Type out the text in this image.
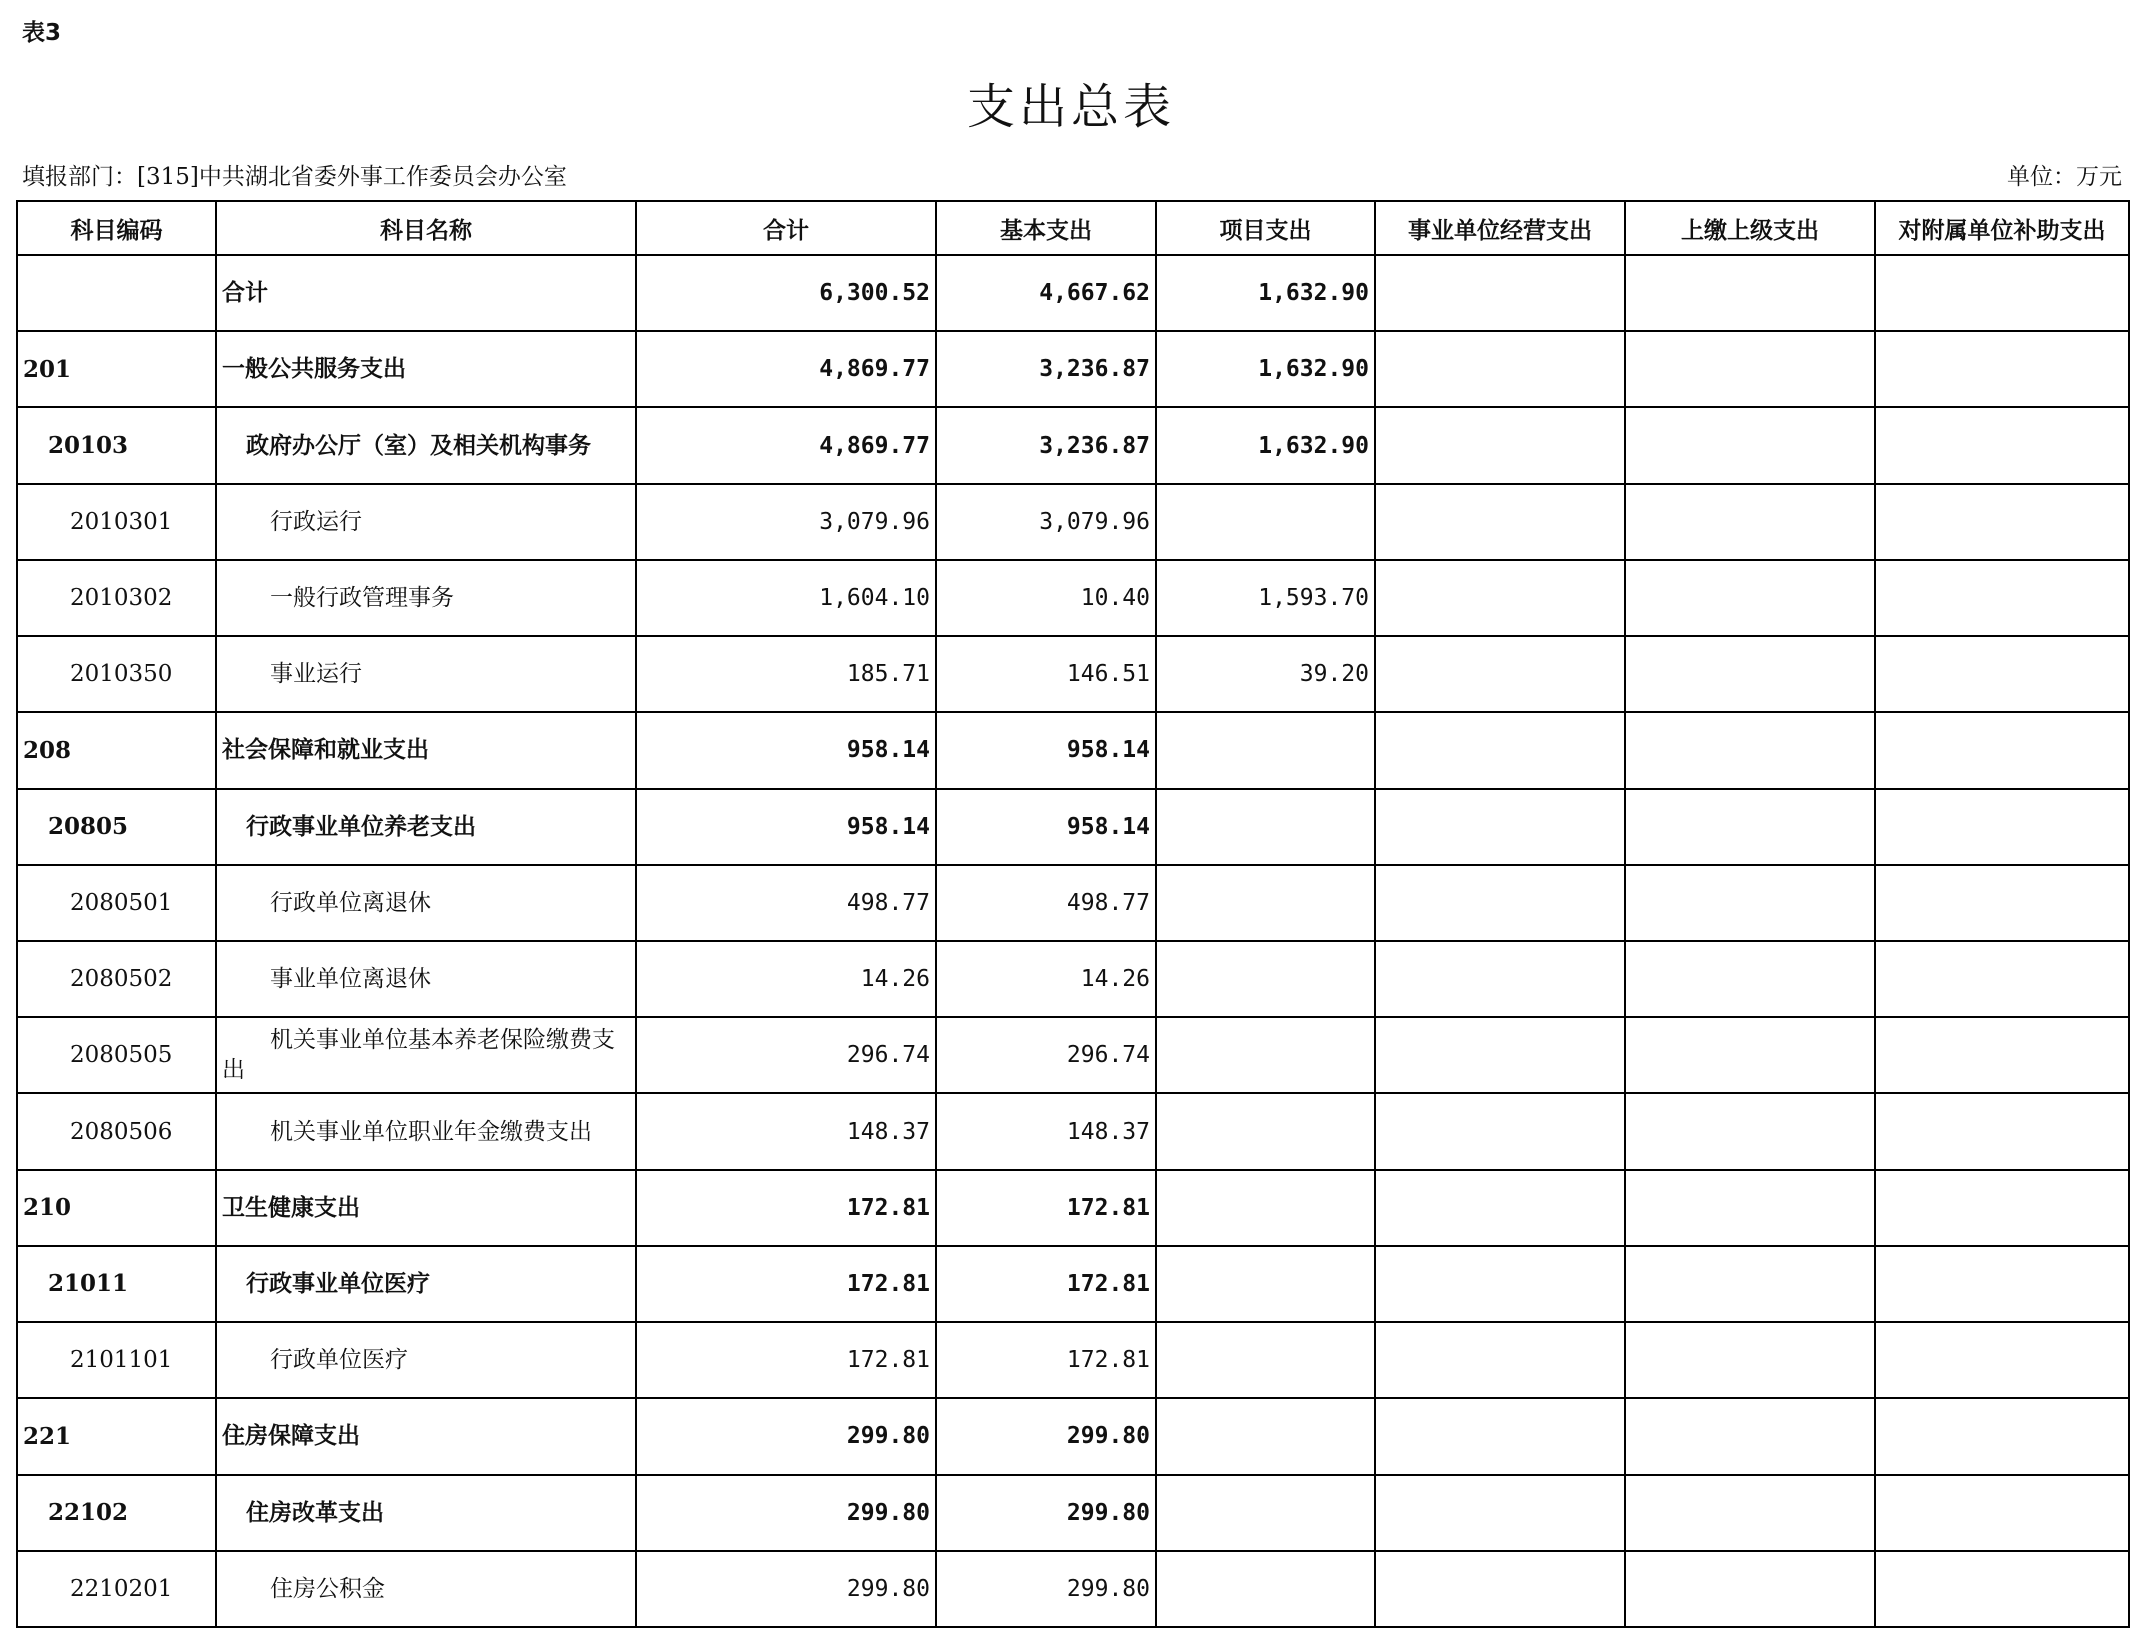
表3
支出总表
填报部门：[315]中共湖北省委外事工作委员会办公室	单位：万元
科目编码	科目名称	合计	基本支出	项目支出	事业单位经营支出	上缴上级支出	对附属单位补助支出
	合计	6,300.52	4,667.62	1,632.90			
201	一般公共服务支出	4,869.77	3,236.87	1,632.90			
20103	政府办公厅（室）及相关机构事务	4,869.77	3,236.87	1,632.90			
2010301	行政运行	3,079.96	3,079.96				
2010302	一般行政管理事务	1,604.10	10.40	1,593.70			
2010350	事业运行	185.71	146.51	39.20			
208	社会保障和就业支出	958.14	958.14				
20805	行政事业单位养老支出	958.14	958.14				
2080501	行政单位离退休	498.77	498.77				
2080502	事业单位离退休	14.26	14.26				
2080505	机关事业单位基本养老保险缴费支出	296.74	296.74				
2080506	机关事业单位职业年金缴费支出	148.37	148.37				
210	卫生健康支出	172.81	172.81				
21011	行政事业单位医疗	172.81	172.81				
2101101	行政单位医疗	172.81	172.81				
221	住房保障支出	299.80	299.80				
22102	住房改革支出	299.80	299.80				
2210201	住房公积金	299.80	299.80				
